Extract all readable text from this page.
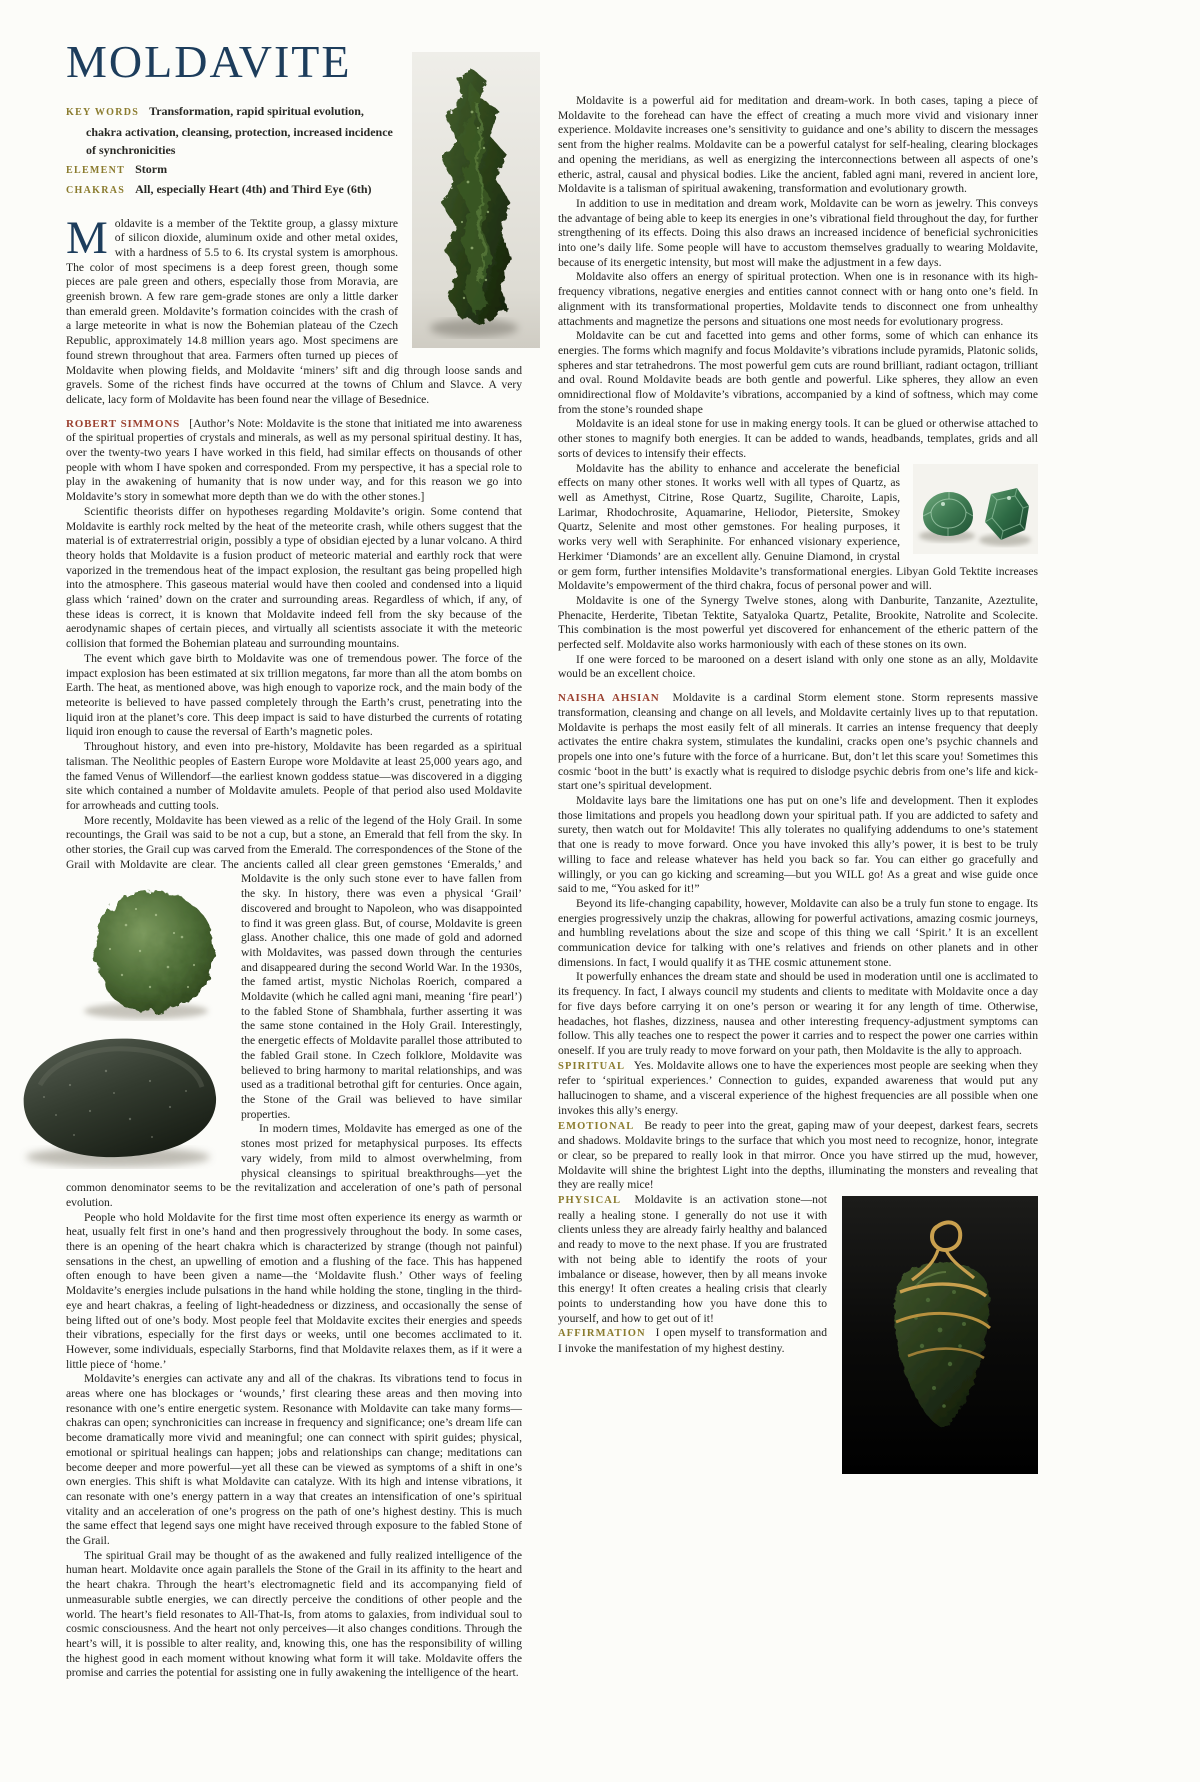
MOLDAVITE

KEY WORDS Transformation, rapid spiritual evolution, chakra activation, cleansing, protection, increased incidence of synchronicities

ELEMENT Storm

CHAKRAS All, especially Heart (4th) and Third Eye (6th)

Moldavite is a member of the Tektite group, a glassy mixture of silicon dioxide, aluminum oxide and other metal oxides, with a hardness of 5.5 to 6. Its crystal system is amorphous. The color of most specimens is a deep forest green, though some pieces are pale green and others, especially those from Moravia, are greenish brown. A few rare gem-grade stones are only a little darker than emerald green. Moldavite’s formation coincides with the crash of a large meteorite in what is now the Bohemian plateau of the Czech Republic, approximately 14.8 million years ago. Most specimens are found strewn throughout that area. Farmers often turned up pieces of Moldavite when plowing fields, and Moldavite ‘miners’ sift and dig through loose sands and gravels. Some of the richest finds have occurred at the towns of Chlum and Slavce. A very delicate, lacy form of Moldavite has been found near the village of Besednice.

ROBERT SIMMONS [Author’s Note: Moldavite is the stone that initiated me into awareness of the spiritual properties of crystals and minerals, as well as my personal spiritual destiny. It has, over the twenty-two years I have worked in this field, had similar effects on thousands of other people with whom I have spoken and corresponded. From my perspective, it has a special role to play in the awakening of humanity that is now under way, and for this reason we go into Moldavite’s story in somewhat more depth than we do with the other stones.]

Scientific theorists differ on hypotheses regarding Moldavite’s origin. Some contend that Moldavite is earthly rock melted by the heat of the meteorite crash, while others suggest that the material is of extraterrestrial origin, possibly a type of obsidian ejected by a lunar volcano. A third theory holds that Moldavite is a fusion product of meteoric material and earthly rock that were vaporized in the tremendous heat of the impact explosion, the resultant gas being propelled high into the atmosphere. This gaseous material would have then cooled and condensed into a liquid glass which ‘rained’ down on the crater and surrounding areas. Regardless of which, if any, of these ideas is correct, it is known that Moldavite indeed fell from the sky because of the aerodynamic shapes of certain pieces, and virtually all scientists associate it with the meteoric collision that formed the Bohemian plateau and surrounding mountains.

The event which gave birth to Moldavite was one of tremendous power. The force of the impact explosion has been estimated at six trillion megatons, far more than all the atom bombs on Earth. The heat, as mentioned above, was high enough to vaporize rock, and the main body of the meteorite is believed to have passed completely through the Earth’s crust, penetrating into the liquid iron at the planet’s core. This deep impact is said to have disturbed the currents of rotating liquid iron enough to cause the reversal of Earth’s magnetic poles.

Throughout history, and even into pre-history, Moldavite has been regarded as a spiritual talisman. The Neolithic peoples of Eastern Europe wore Moldavite at least 25,000 years ago, and the famed Venus of Willendorf—the earliest known goddess statue—was discovered in a digging site which contained a number of Moldavite amulets. People of that period also used Moldavite for arrowheads and cutting tools.

More recently, Moldavite has been viewed as a relic of the legend of the Holy Grail. In some recountings, the Grail was said to be not a cup, but a stone, an Emerald that fell from the sky. In other stories, the Grail cup was carved from the Emerald. The correspondences of the Stone of the Grail with Moldavite are clear. The ancients called all clear green gemstones ‘Emeralds,’ and Moldavite is the only such stone ever to have fallen from the sky. In history, there was even a physical ‘Grail’ discovered and brought to Napoleon, who was disappointed to find it was green glass. But, of course, Moldavite is green glass. Another chalice, this one made of gold and adorned with Moldavites, was passed down through the centuries and disappeared during the second World War. In the 1930s, the famed artist, mystic Nicholas Roerich, compared a Moldavite (which he called agni mani, meaning ‘fire pearl’) to the fabled Stone of Shambhala, further asserting it was the same stone contained in the Holy Grail. Interestingly, the energetic effects of Moldavite parallel those attributed to the fabled Grail stone. In Czech folklore, Moldavite was believed to bring harmony to marital relationships, and was used as a traditional betrothal gift for centuries. Once again, the Stone of the Grail was believed to have similar properties.

In modern times, Moldavite has emerged as one of the stones most prized for metaphysical purposes. Its effects vary widely, from mild to almost overwhelming, from physical cleansings to spiritual breakthroughs—yet the common denominator seems to be the revitalization and acceleration of one’s path of personal evolution.

People who hold Moldavite for the first time most often experience its energy as warmth or heat, usually felt first in one’s hand and then progressively throughout the body. In some cases, there is an opening of the heart chakra which is characterized by strange (though not painful) sensations in the chest, an upwelling of emotion and a flushing of the face. This has happened often enough to have been given a name—the ‘Moldavite flush.’ Other ways of feeling Moldavite’s energies include pulsations in the hand while holding the stone, tingling in the third-eye and heart chakras, a feeling of light-headedness or dizziness, and occasionally the sense of being lifted out of one’s body. Most people feel that Moldavite excites their energies and speeds their vibrations, especially for the first days or weeks, until one becomes acclimated to it. However, some individuals, especially Starborns, find that Moldavite relaxes them, as if it were a little piece of ‘home.’

Moldavite’s energies can activate any and all of the chakras. Its vibrations tend to focus in areas where one has blockages or ‘wounds,’ first clearing these areas and then moving into resonance with one’s entire energetic system. Resonance with Moldavite can take many forms—chakras can open; synchronicities can increase in frequency and significance; one’s dream life can become dramatically more vivid and meaningful; one can connect with spirit guides; physical, emotional or spiritual healings can happen; jobs and relationships can change; meditations can become deeper and more powerful—yet all these can be viewed as symptoms of a shift in one’s own energies. This shift is what Moldavite can catalyze. With its high and intense vibrations, it can resonate with one’s energy pattern in a way that creates an intensification of one’s spiritual vitality and an acceleration of one’s progress on the path of one’s highest destiny. This is much the same effect that legend says one might have received through exposure to the fabled Stone of the Grail.

The spiritual Grail may be thought of as the awakened and fully realized intelligence of the human heart. Moldavite once again parallels the Stone of the Grail in its affinity to the heart and the heart chakra. Through the heart’s electromagnetic field and its accompanying field of unmeasurable subtle energies, we can directly perceive the conditions of other people and the world. The heart’s field resonates to All-That-Is, from atoms to galaxies, from individual soul to cosmic consciousness. And the heart not only perceives—it also changes conditions. Through the heart’s will, it is possible to alter reality, and, knowing this, one has the responsibility of willing the highest good in each moment without knowing what form it will take. Moldavite offers the promise and carries the potential for assisting one in fully awakening the intelligence of the heart.

Moldavite is a powerful aid for meditation and dream-work. In both cases, taping a piece of Moldavite to the forehead can have the effect of creating a much more vivid and visionary inner experience. Moldavite increases one’s sensitivity to guidance and one’s ability to discern the messages sent from the higher realms. Moldavite can be a powerful catalyst for self-healing, clearing blockages and opening the meridians, as well as energizing the interconnections between all aspects of one’s etheric, astral, causal and physical bodies. Like the ancient, fabled agni mani, revered in ancient lore, Moldavite is a talisman of spiritual awakening, transformation and evolutionary growth.

In addition to use in meditation and dream work, Moldavite can be worn as jewelry. This conveys the advantage of being able to keep its energies in one’s vibrational field throughout the day, for further strengthening of its effects. Doing this also draws an increased incidence of beneficial sychronicities into one’s daily life. Some people will have to accustom themselves gradually to wearing Moldavite, because of its energetic intensity, but most will make the adjustment in a few days.

Moldavite also offers an energy of spiritual protection. When one is in resonance with its high-frequency vibrations, negative energies and entities cannot connect with or hang onto one’s field. In alignment with its transformational properties, Moldavite tends to disconnect one from unhealthy attachments and magnetize the persons and situations one most needs for evolutionary progress.

Moldavite can be cut and facetted into gems and other forms, some of which can enhance its energies. The forms which magnify and focus Moldavite’s vibrations include pyramids, Platonic solids, spheres and star tetrahedrons. The most powerful gem cuts are round brilliant, radiant octagon, trilliant and oval. Round Moldavite beads are both gentle and powerful. Like spheres, they allow an even omnidirectional flow of Moldavite’s vibrations, accompanied by a kind of softness, which may come from the stone’s rounded shape

Moldavite is an ideal stone for use in making energy tools. It can be glued or otherwise attached to other stones to magnify both energies. It can be added to wands, headbands, templates, grids and all sorts of devices to intensify their effects.

Moldavite has the ability to enhance and accelerate the beneficial effects on many other stones. It works well with all types of Quartz, as well as Amethyst, Citrine, Rose Quartz, Sugilite, Charoite, Lapis, Larimar, Rhodochrosite, Aquamarine, Heliodor, Pietersite, Smokey Quartz, Selenite and most other gemstones. For healing purposes, it works very well with Seraphinite. For enhanced visionary experience, Herkimer ‘Diamonds’ are an excellent ally. Genuine Diamond, in crystal or gem form, further intensifies Moldavite’s transformational energies. Libyan Gold Tektite increases Moldavite’s empowerment of the third chakra, focus of personal power and will.

Moldavite is one of the Synergy Twelve stones, along with Danburite, Tanzanite, Azeztulite, Phenacite, Herderite, Tibetan Tektite, Satyaloka Quartz, Petalite, Brookite, Natrolite and Scolecite. This combination is the most powerful yet discovered for enhancement of the etheric pattern of the perfected self. Moldavite also works harmoniously with each of these stones on its own.

If one were forced to be marooned on a desert island with only one stone as an ally, Moldavite would be an excellent choice.

NAISHA AHSIAN Moldavite is a cardinal Storm element stone. Storm represents massive transformation, cleansing and change on all levels, and Moldavite certainly lives up to that reputation. Moldavite is perhaps the most easily felt of all minerals. It carries an intense frequency that deeply activates the entire chakra system, stimulates the kundalini, cracks open one’s psychic channels and propels one into one’s future with the force of a hurricane. But, don’t let this scare you! Sometimes this cosmic ‘boot in the butt’ is exactly what is required to dislodge psychic debris from one’s life and kick-start one’s spiritual development.

Moldavite lays bare the limitations one has put on one’s life and development. Then it explodes those limitations and propels you headlong down your spiritual path. If you are addicted to safety and surety, then watch out for Moldavite! This ally tolerates no qualifying addendums to one’s statement that one is ready to move forward. Once you have invoked this ally’s power, it is best to be truly willing to face and release whatever has held you back so far. You can either go gracefully and willingly, or you can go kicking and screaming—but you WILL go! As a great and wise guide once said to me, “You asked for it!”

Beyond its life-changing capability, however, Moldavite can also be a truly fun stone to engage. Its energies progressively unzip the chakras, allowing for powerful activations, amazing cosmic journeys, and humbling revelations about the size and scope of this thing we call ‘Spirit.’ It is an excellent communication device for talking with one’s relatives and friends on other planets and in other dimensions. In fact, I would qualify it as THE cosmic attunement stone.

It powerfully enhances the dream state and should be used in moderation until one is acclimated to its frequency. In fact, I always council my students and clients to meditate with Moldavite once a day for five days before carrying it on one’s person or wearing it for any length of time. Otherwise, headaches, hot flashes, dizziness, nausea and other interesting frequency-adjustment symptoms can follow. This ally teaches one to respect the power it carries and to respect the power one carries within oneself. If you are truly ready to move forward on your path, then Moldavite is the ally to approach.

SPIRITUAL Yes. Moldavite allows one to have the experiences most people are seeking when they refer to ‘spiritual experiences.’ Connection to guides, expanded awareness that would put any hallucinogen to shame, and a visceral experience of the highest frequencies are all possible when one invokes this ally’s energy.

EMOTIONAL Be ready to peer into the great, gaping maw of your deepest, darkest fears, secrets and shadows. Moldavite brings to the surface that which you most need to recognize, honor, integrate or clear, so be prepared to really look in that mirror. Once you have stirred up the mud, however, Moldavite will shine the brightest Light into the depths, illuminating the monsters and revealing that they are really mice!

PHYSICAL Moldavite is an activation stone—not really a healing stone. I generally do not use it with clients unless they are already fairly healthy and balanced and ready to move to the next phase. If you are frustrated with not being able to identify the roots of your imbalance or disease, however, then by all means invoke this energy! It often creates a healing crisis that clearly points to understanding how you have done this to yourself, and how to get out of it!

AFFIRMATION I open myself to transformation and I invoke the manifestation of my highest destiny.
